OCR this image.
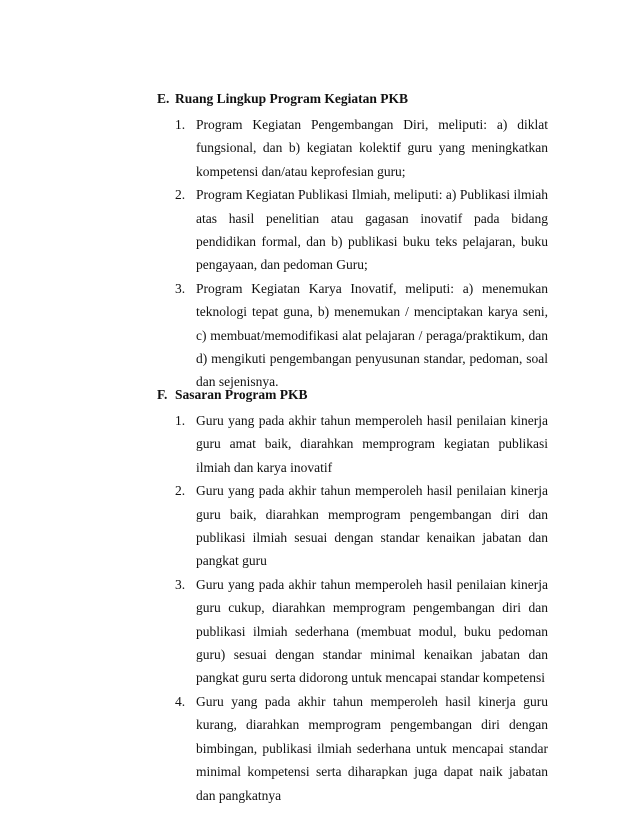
E. Ruang Lingkup Program Kegiatan PKB
1. Program Kegiatan Pengembangan Diri, meliputi: a) diklat fungsional, dan b) kegiatan kolektif guru yang meningkatkan kompetensi dan/atau keprofesian guru;
2. Program Kegiatan Publikasi Ilmiah, meliputi: a) Publikasi ilmiah atas hasil penelitian atau gagasan inovatif pada bidang pendidikan formal, dan b) publikasi buku teks pelajaran, buku pengayaan, dan pedoman Guru;
3. Program Kegiatan Karya Inovatif, meliputi: a) menemukan teknologi tepat guna, b) menemukan / menciptakan karya seni, c) membuat/memodifikasi alat pelajaran / peraga/praktikum, dan d) mengikuti pengembangan penyusunan standar, pedoman, soal dan sejenisnya.
F. Sasaran Program PKB
1. Guru yang pada akhir tahun memperoleh hasil penilaian kinerja guru amat baik, diarahkan memprogram kegiatan publikasi ilmiah dan karya inovatif
2. Guru yang pada akhir tahun memperoleh hasil penilaian kinerja guru baik, diarahkan memprogram pengembangan diri dan publikasi ilmiah sesuai dengan standar kenaikan jabatan dan pangkat guru
3. Guru yang pada akhir tahun memperoleh hasil penilaian kinerja guru cukup, diarahkan memprogram pengembangan diri dan publikasi ilmiah sederhana (membuat modul, buku pedoman guru) sesuai dengan standar minimal kenaikan jabatan dan pangkat guru serta didorong untuk mencapai standar kompetensi
4. Guru yang pada akhir tahun memperoleh hasil kinerja guru kurang, diarahkan memprogram pengembangan diri dengan bimbingan, publikasi ilmiah sederhana untuk mencapai standar minimal kompetensi serta diharapkan juga dapat naik jabatan dan pangkatnya
